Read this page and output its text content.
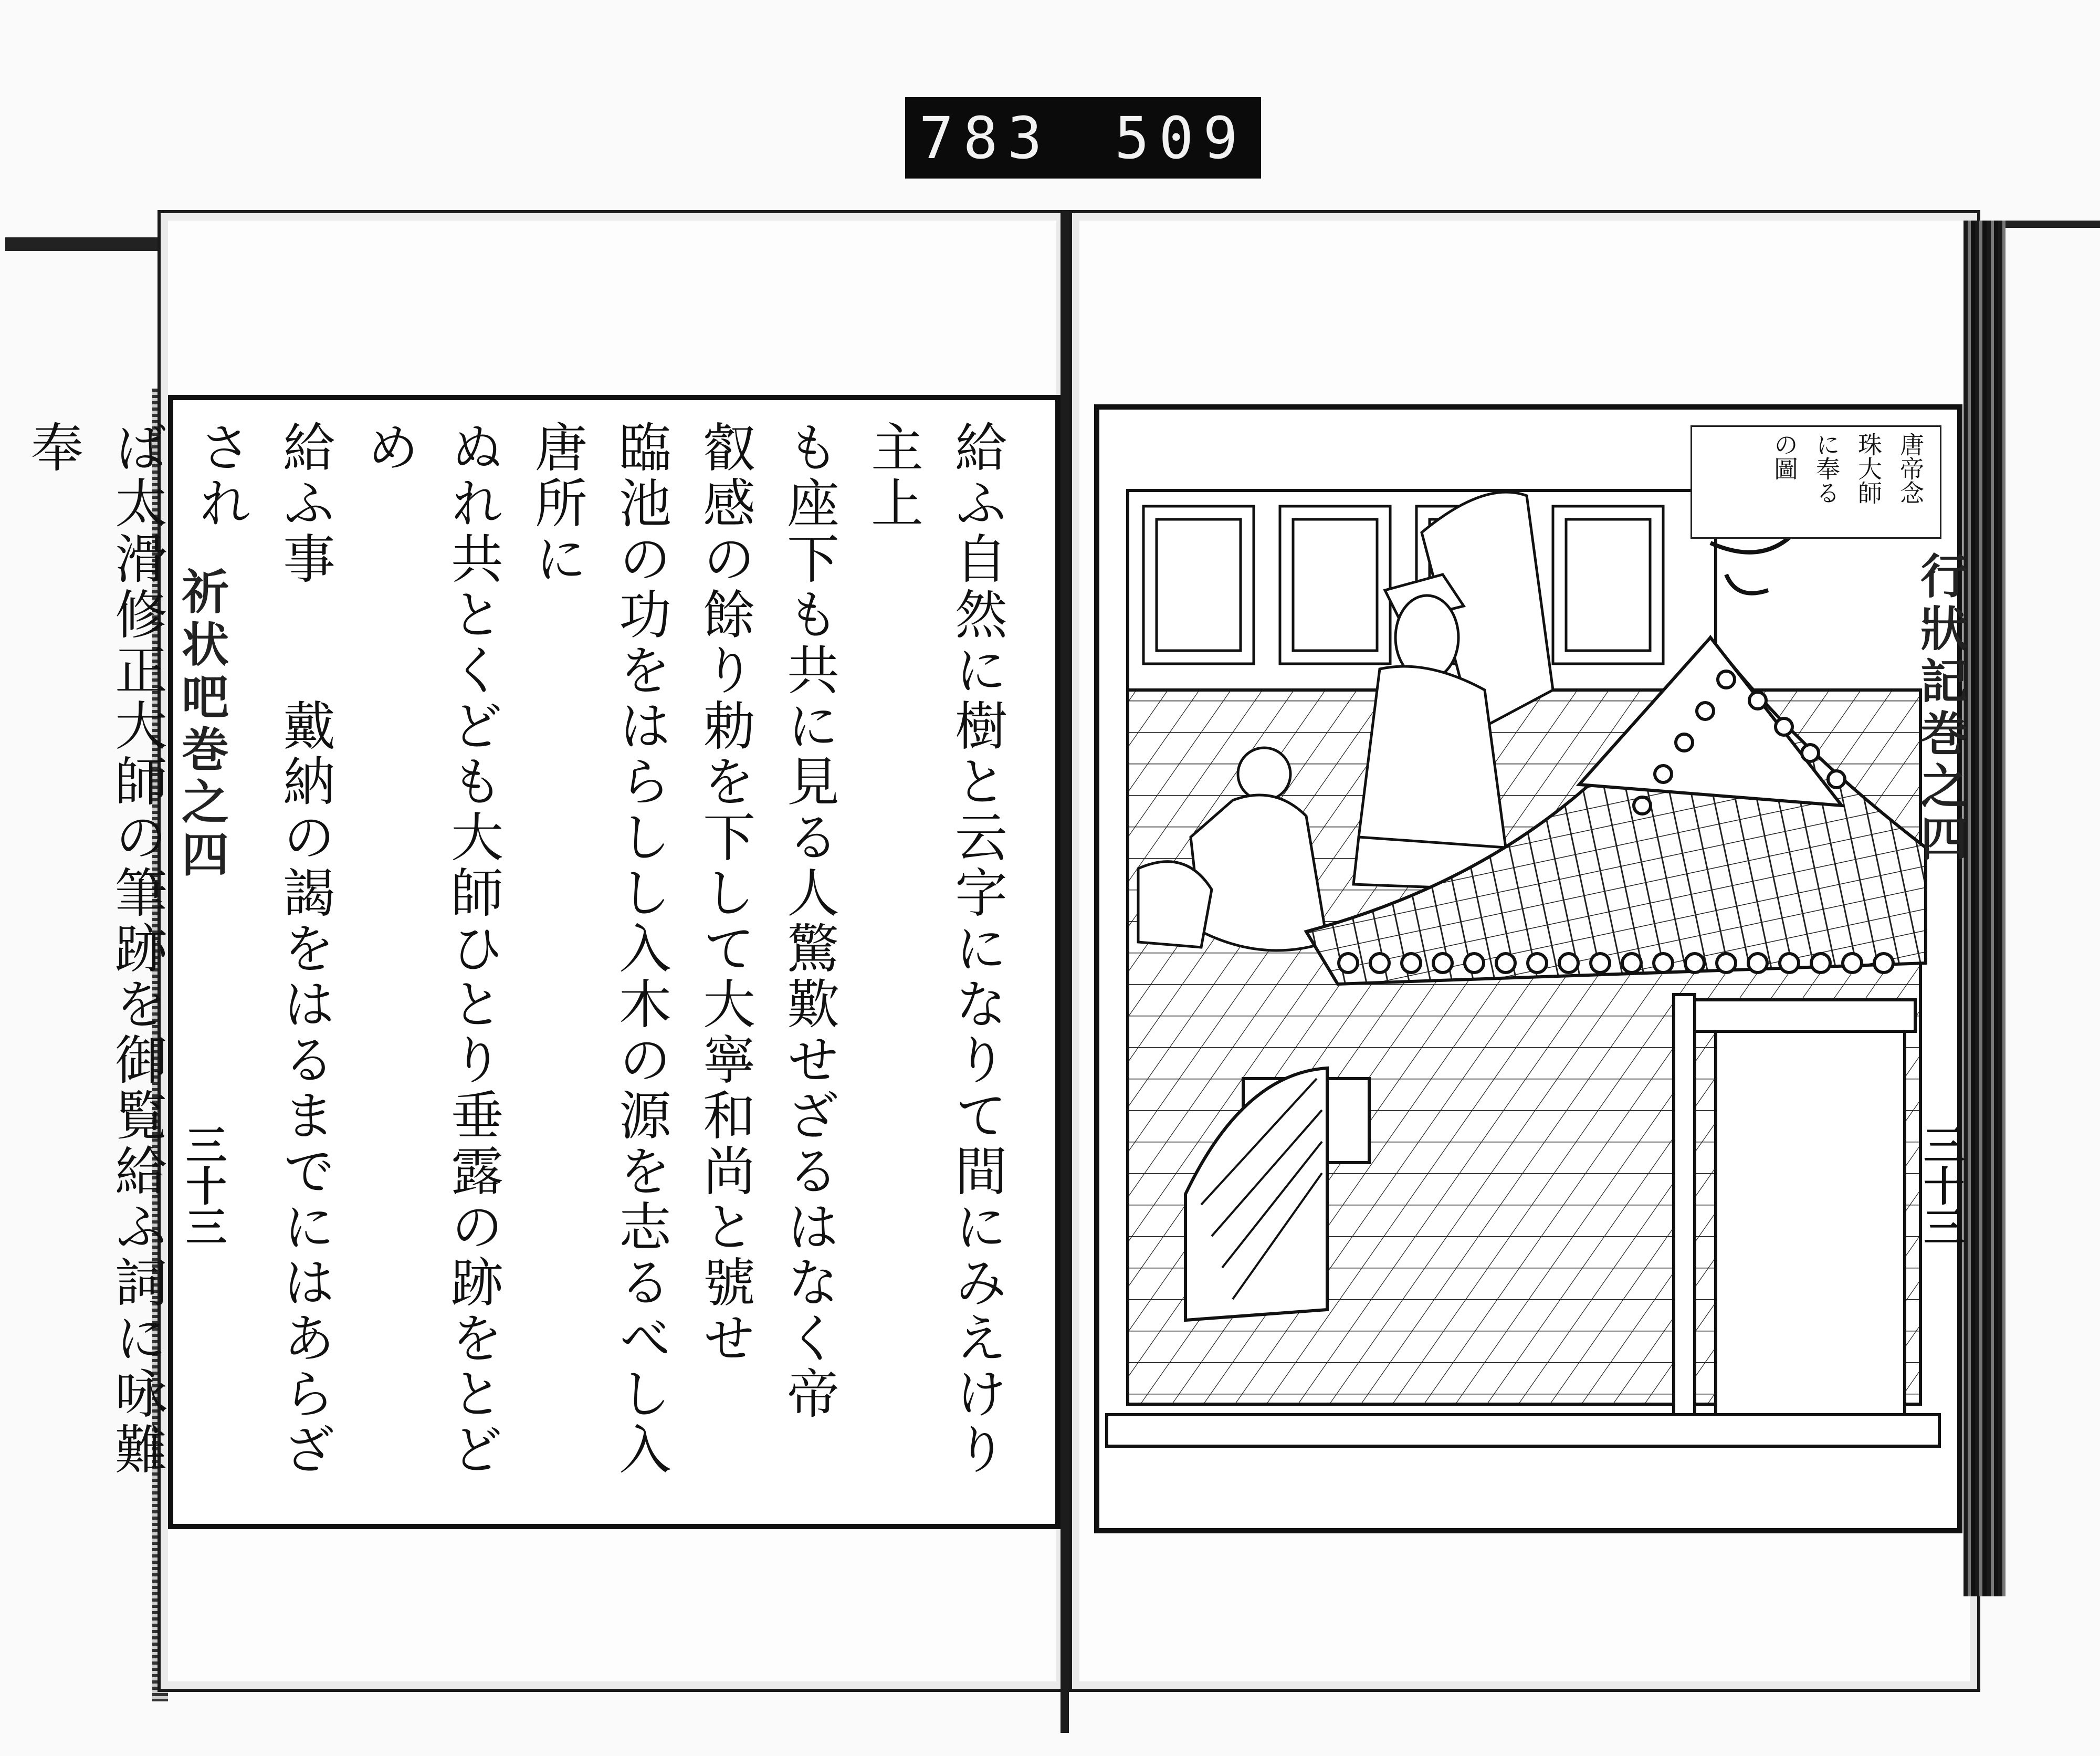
783 509
祈状吧巻之四
三十三	給ふ自然に樹と云字になりて間にみえけり主上
も座下も共に見る人驚歎せざるはなく帝
叡感の餘り勅を下して大寧和尚と號せ
臨池の功をはらしし入木の源を志るべし入唐所に
ぬれ共とくども大師ひとり垂露の跡をとどめ
給ふ事　　戴納の謁をはるまでにはあらざされ
ば太滑修正大師の筆跡を御覧給ふ詞に咏難奉	唐帝念
珠大師
に奉る
の圖
行狀記巻之四
三十三
